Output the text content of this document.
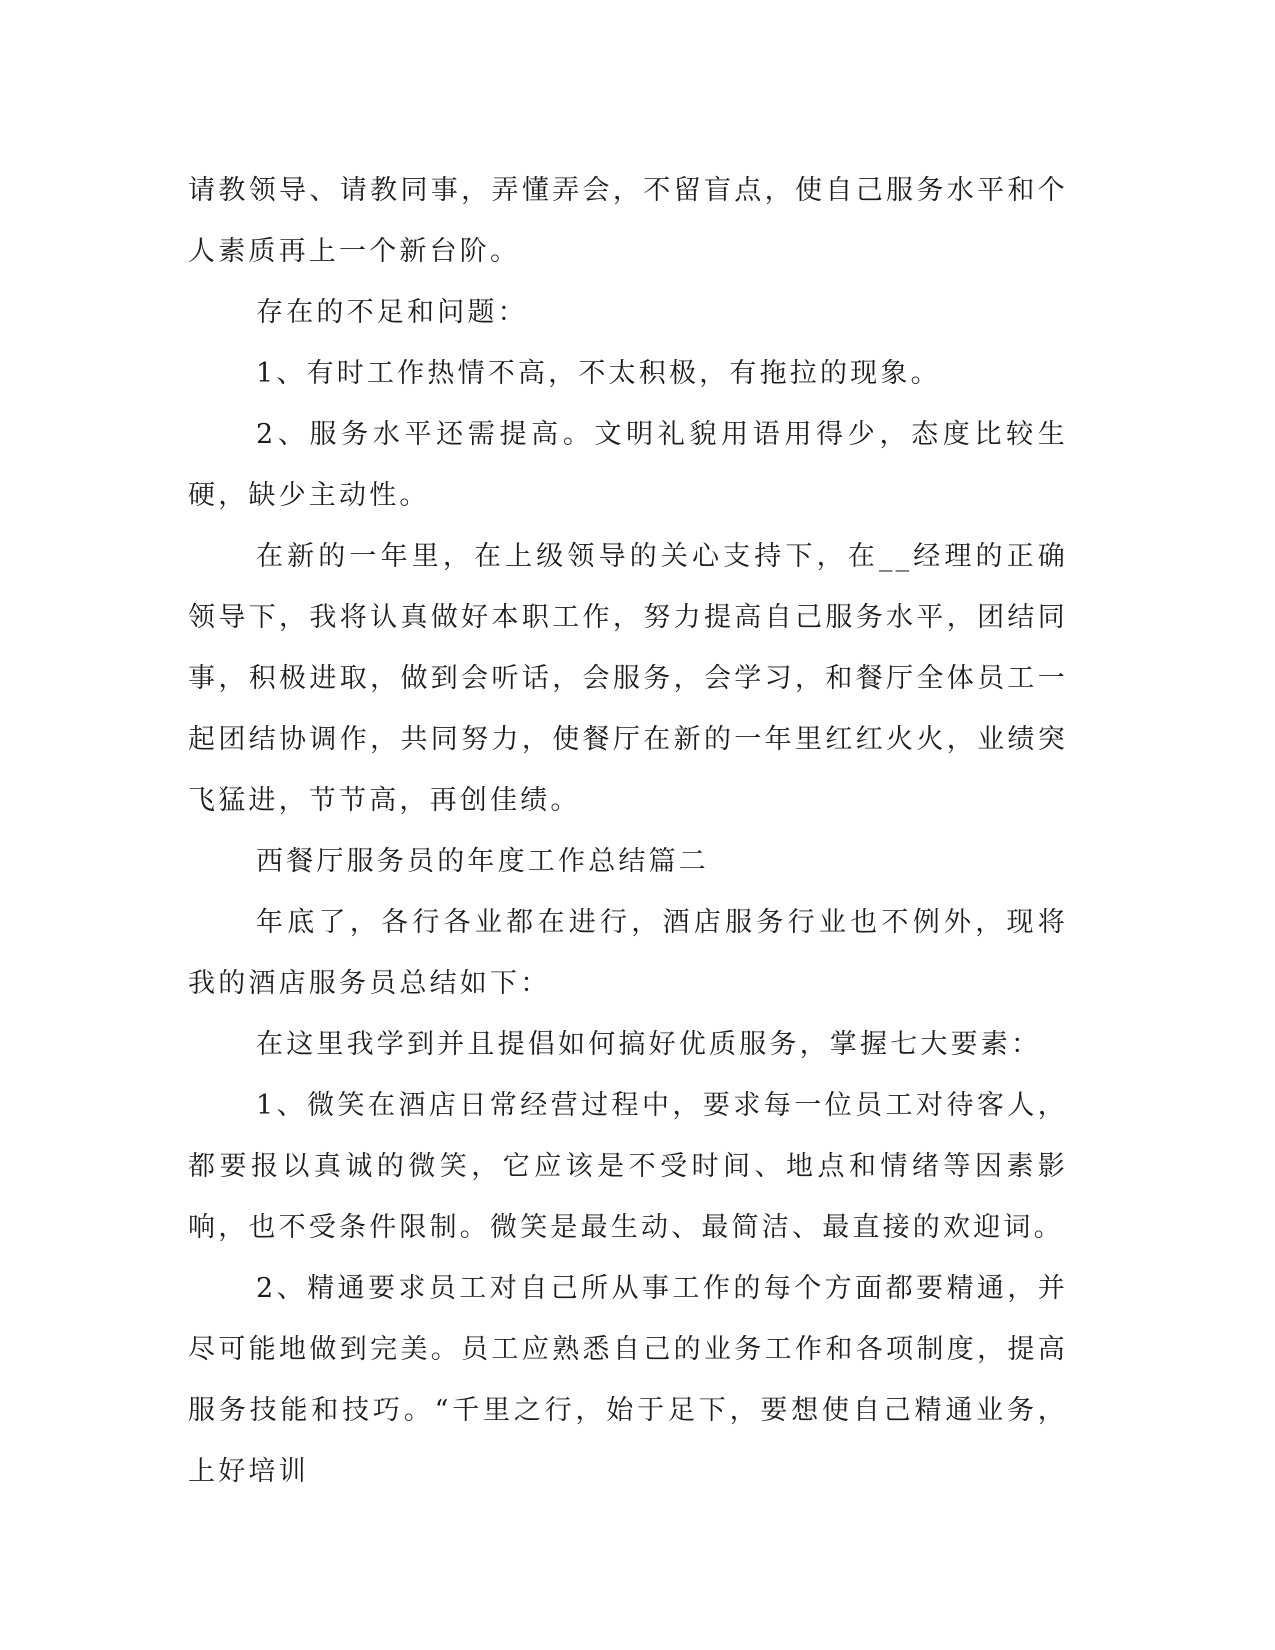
请教领导、请教同事，弄懂弄会，不留盲点，使自己服务水平和个人素质再上一个新台阶。

存在的不足和问题：

1、有时工作热情不高，不太积极，有拖拉的现象。

2、服务水平还需提高。文明礼貌用语用得少，态度比较生硬，缺少主动性。

在新的一年里，在上级领导的关心支持下，在__经理的正确领导下，我将认真做好本职工作，努力提高自己服务水平，团结同事，积极进取，做到会听话，会服务，会学习，和餐厅全体员工一起团结协调作，共同努力，使餐厅在新的一年里红红火火，业绩突飞猛进，节节高，再创佳绩。

西餐厅服务员的年度工作总结篇二

年底了，各行各业都在进行，酒店服务行业也不例外，现将我的酒店服务员总结如下：

在这里我学到并且提倡如何搞好优质服务，掌握七大要素：

1、微笑在酒店日常经营过程中，要求每一位员工对待客人，都要报以真诚的微笑，它应该是不受时间、地点和情绪等因素影响，也不受条件限制。微笑是最生动、最简洁、最直接的欢迎词。

2、精通要求员工对自己所从事工作的每个方面都要精通，并尽可能地做到完美。员工应熟悉自己的业务工作和各项制度，提高服务技能和技巧。“千里之行，始于足下，要想使自己精通业务，上好培训
